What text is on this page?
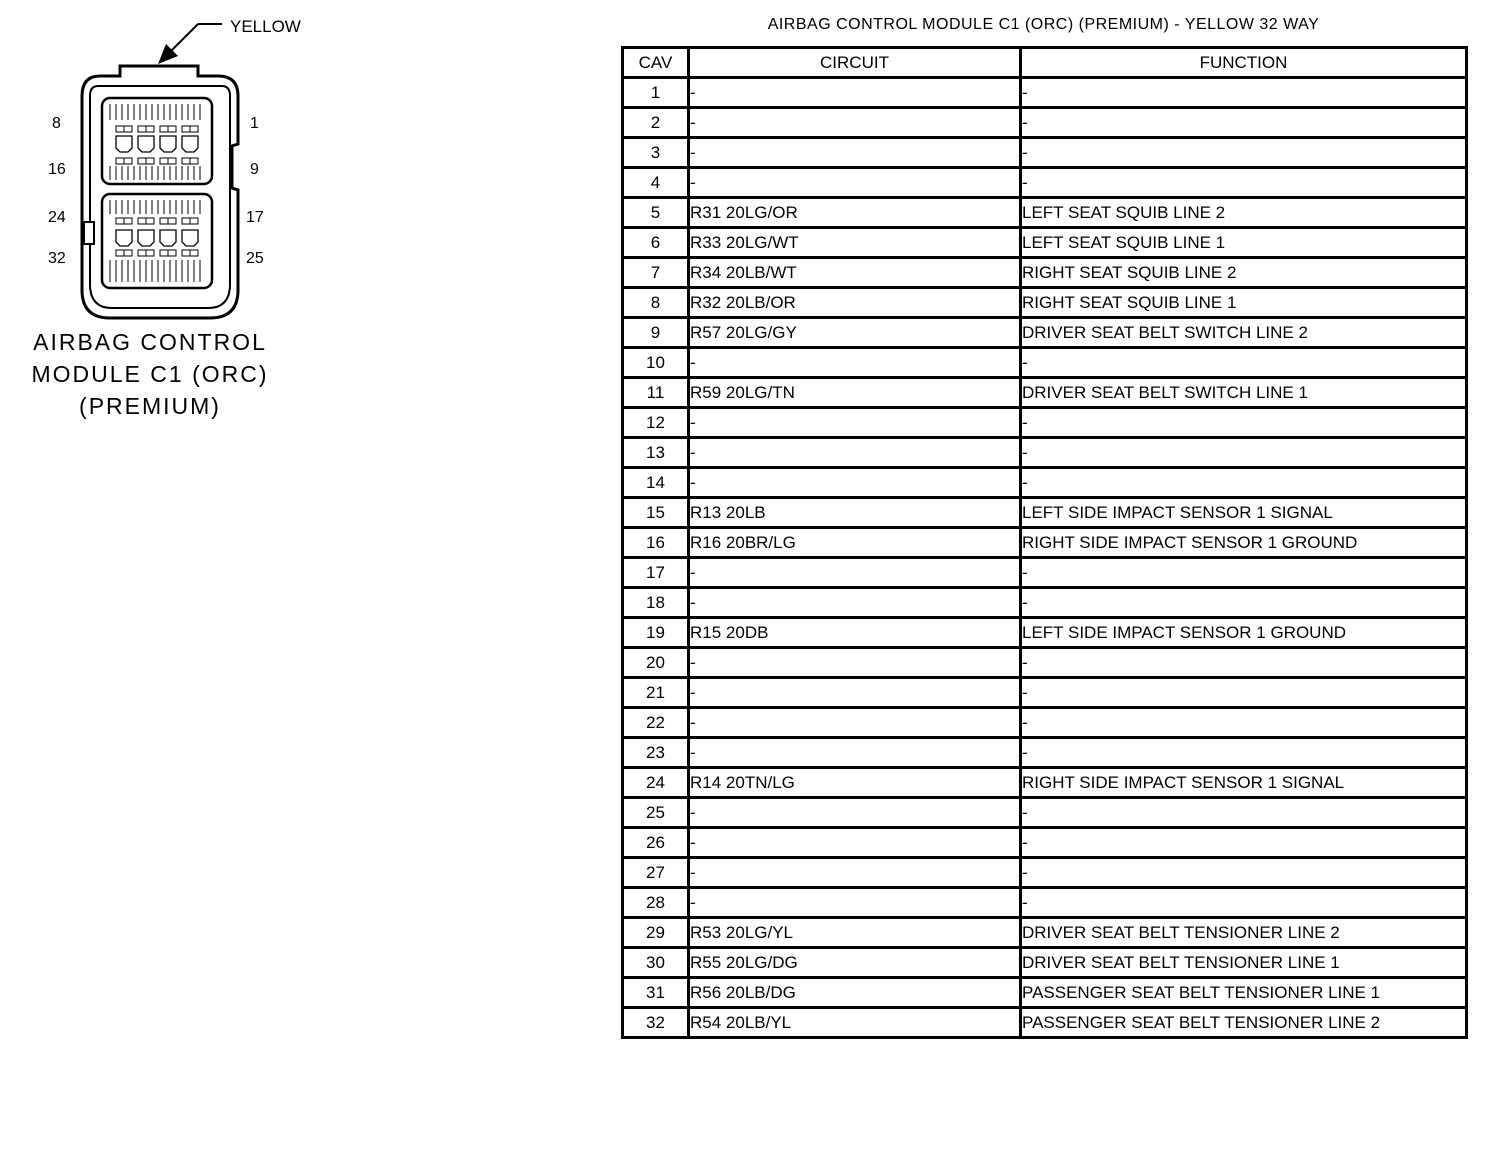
YELLOW
8	1
16	9
24	17
32	25
AIRBAG CONTROL
MODULE C1 (ORC)
(PREMIUM)
AIRBAG CONTROL MODULE C1 (ORC) (PREMIUM) - YELLOW 32 WAY
CAV	CIRCUIT	FUNCTION
1	-	-
2	-	-
3	-	-
4	-	-
5	R31 20LG/OR	LEFT SEAT SQUIB LINE 2
6	R33 20LG/WT	LEFT SEAT SQUIB LINE 1
7	R34 20LB/WT	RIGHT SEAT SQUIB LINE 2
8	R32 20LB/OR	RIGHT SEAT SQUIB LINE 1
9	R57 20LG/GY	DRIVER SEAT BELT SWITCH LINE 2
10	-	-
11	R59 20LG/TN	DRIVER SEAT BELT SWITCH LINE 1
12	-	-
13	-	-
14	-	-
15	R13 20LB	LEFT SIDE IMPACT SENSOR 1 SIGNAL
16	R16 20BR/LG	RIGHT SIDE IMPACT SENSOR 1 GROUND
17	-	-
18	-	-
19	R15 20DB	LEFT SIDE IMPACT SENSOR 1 GROUND
20	-	-
21	-	-
22	-	-
23	-	-
24	R14 20TN/LG	RIGHT SIDE IMPACT SENSOR 1 SIGNAL
25	-	-
26	-	-
27	-	-
28	-	-
29	R53 20LG/YL	DRIVER SEAT BELT TENSIONER LINE 2
30	R55 20LG/DG	DRIVER SEAT BELT TENSIONER LINE 1
31	R56 20LB/DG	PASSENGER SEAT BELT TENSIONER LINE 1
32	R54 20LB/YL	PASSENGER SEAT BELT TENSIONER LINE 2
